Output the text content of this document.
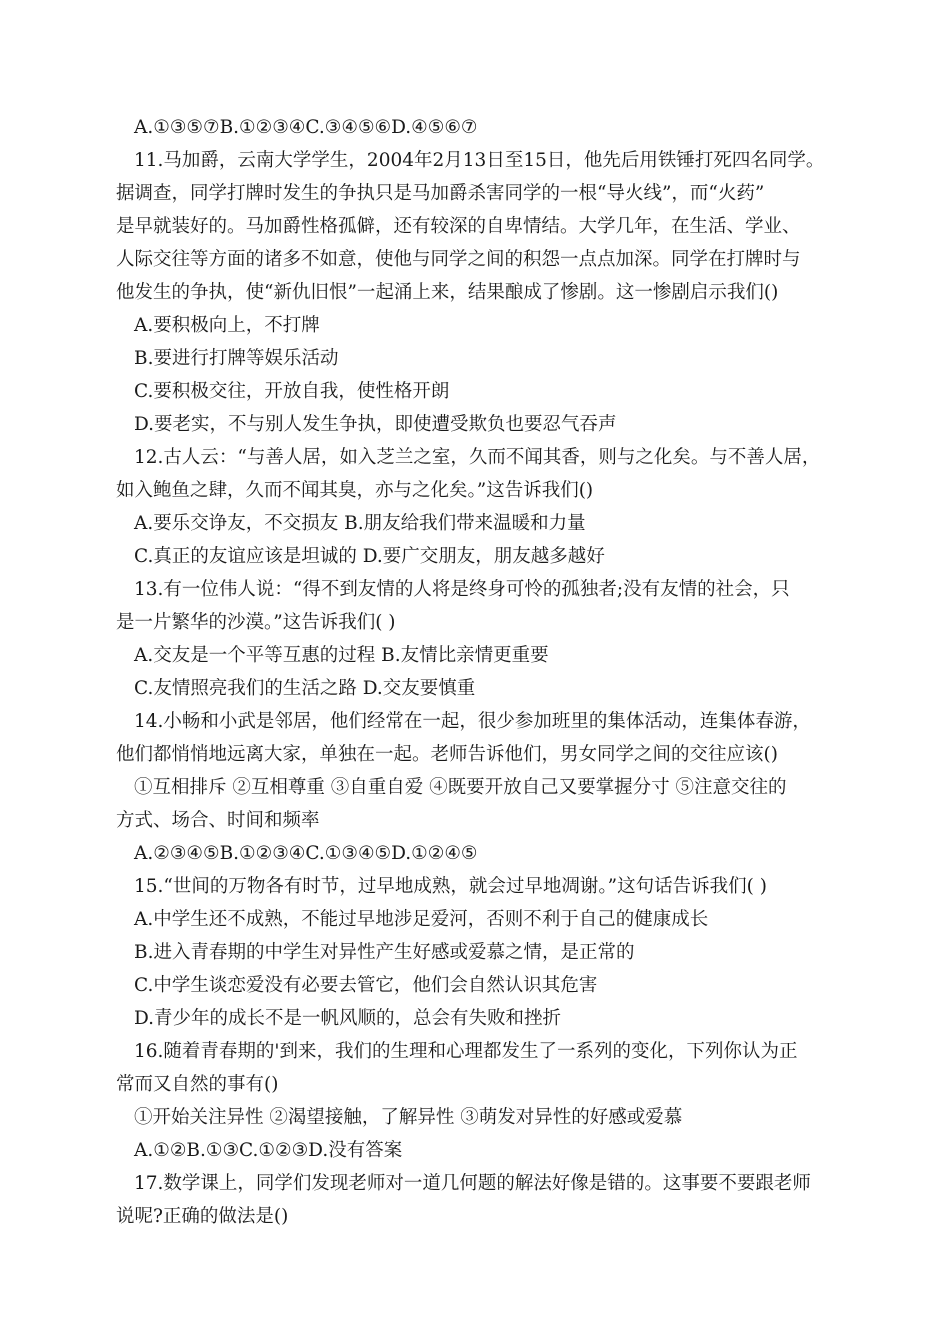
A.①③⑤⑦B.①②③④C.③④⑤⑥D.④⑤⑥⑦
11.马加爵，云南大学学生，2004年2月13日至15日，他先后用铁锤打死四名同学。
据调查，同学打牌时发生的争执只是马加爵杀害同学的一根“导火线”，而“火药”
是早就装好的。马加爵性格孤僻，还有较深的自卑情结。大学几年，在生活、学业、
人际交往等方面的诸多不如意，使他与同学之间的积怨一点点加深。同学在打牌时与
他发生的争执，使“新仇旧恨”一起涌上来，结果酿成了惨剧。这一惨剧启示我们()
A.要积极向上，不打牌
B.要进行打牌等娱乐活动
C.要积极交往，开放自我，使性格开朗
D.要老实，不与别人发生争执，即使遭受欺负也要忍气吞声
12.古人云：“与善人居，如入芝兰之室，久而不闻其香，则与之化矣。与不善人居，
如入鲍鱼之肆，久而不闻其臭，亦与之化矣。”这告诉我们()
A.要乐交诤友，不交损友 B.朋友给我们带来温暖和力量
C.真正的友谊应该是坦诚的 D.要广交朋友，朋友越多越好
13.有一位伟人说：“得不到友情的人将是终身可怜的孤独者;没有友情的社会，只
是一片繁华的沙漠。”这告诉我们( )
A.交友是一个平等互惠的过程 B.友情比亲情更重要
C.友情照亮我们的生活之路 D.交友要慎重
14.小畅和小武是邻居，他们经常在一起，很少参加班里的集体活动，连集体春游，
他们都悄悄地远离大家，单独在一起。老师告诉他们，男女同学之间的交往应该()
①互相排斥 ②互相尊重 ③自重自爱 ④既要开放自己又要掌握分寸 ⑤注意交往的
方式、场合、时间和频率
A.②③④⑤B.①②③④C.①③④⑤D.①②④⑤
15.“世间的万物各有时节，过早地成熟，就会过早地凋谢。”这句话告诉我们( )
A.中学生还不成熟，不能过早地涉足爱河，否则不利于自己的健康成长
B.进入青春期的中学生对异性产生好感或爱慕之情，是正常的
C.中学生谈恋爱没有必要去管它，他们会自然认识其危害
D.青少年的成长不是一帆风顺的，总会有失败和挫折
16.随着青春期的'到来，我们的生理和心理都发生了一系列的变化，下列你认为正
常而又自然的事有()
①开始关注异性 ②渴望接触，了解异性 ③萌发对异性的好感或爱慕
A.①②B.①③C.①②③D.没有答案
17.数学课上，同学们发现老师对一道几何题的解法好像是错的。这事要不要跟老师
说呢?正确的做法是()
